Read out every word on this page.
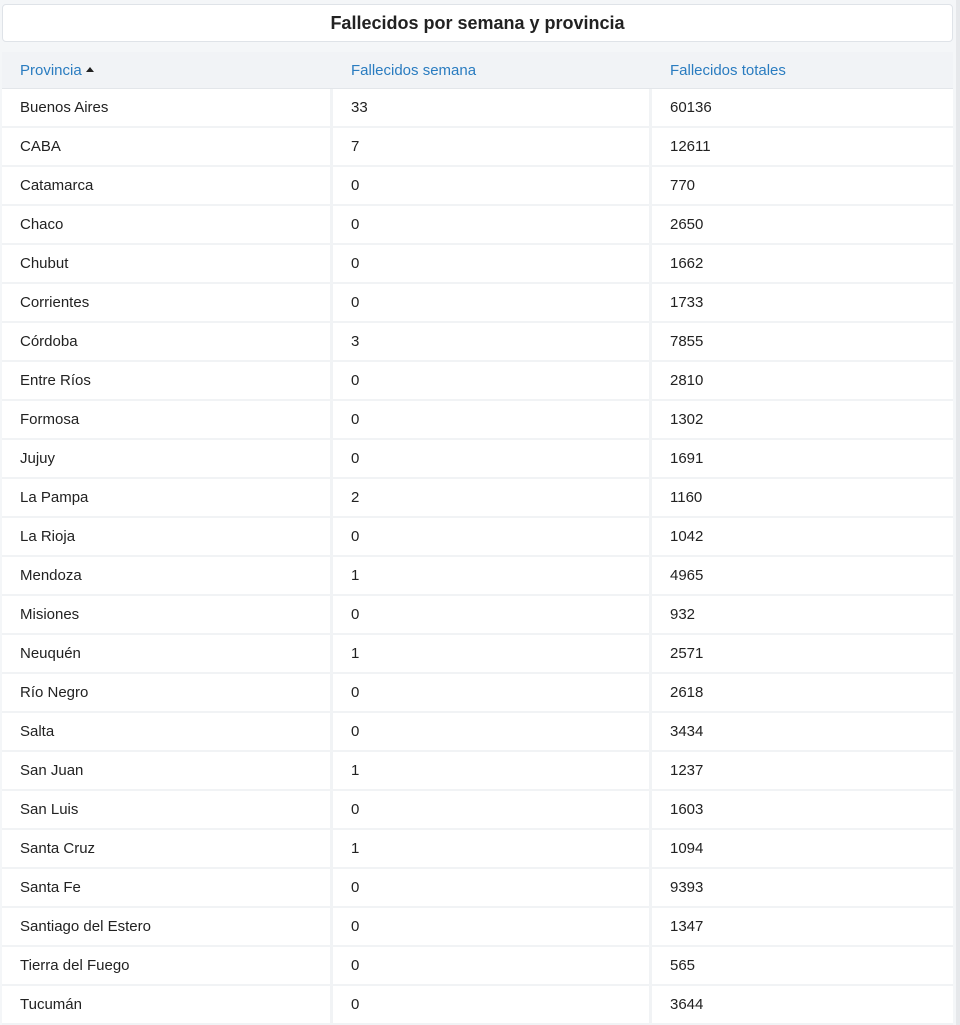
Fallecidos por semana y provincia
Provincia	Fallecidos semana	Fallecidos totales
Buenos Aires	33	60136
CABA	7	12611
Catamarca	0	770
Chaco	0	2650
Chubut	0	1662
Corrientes	0	1733
Córdoba	3	7855
Entre Ríos	0	2810
Formosa	0	1302
Jujuy	0	1691
La Pampa	2	1160
La Rioja	0	1042
Mendoza	1	4965
Misiones	0	932
Neuquén	1	2571
Río Negro	0	2618
Salta	0	3434
San Juan	1	1237
San Luis	0	1603
Santa Cruz	1	1094
Santa Fe	0	9393
Santiago del Estero	0	1347
Tierra del Fuego	0	565
Tucumán	0	3644
